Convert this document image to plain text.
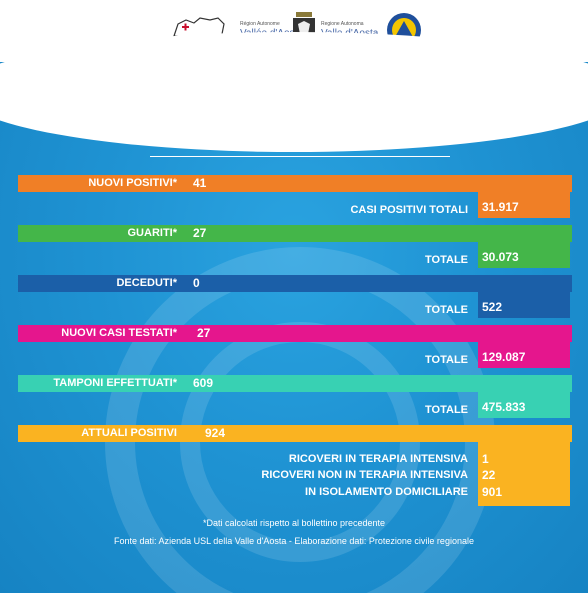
Région Autonome	Regione Autonoma
BOLLETTINO DI AGGIORNAMENTO N.637
COVID-19 - Situazione in Valle d'Aosta
Sabato 12 marzo 2022
NUOVI POSITIVI* 41
CASI POSITIVI TOTALI 31.917
GUARITI* 27
TOTALE 30.073
DECEDUTI* 0
TOTALE 522
NUOVI CASI TESTATI* 27
TOTALE 129.087
TAMPONI EFFETTUATI* 609
TOTALE 475.833
ATTUALI POSITIVI 924
RICOVERI IN TERAPIA INTENSIVA 1
RICOVERI NON IN TERAPIA INTENSIVA 22
IN ISOLAMENTO DOMICILIARE 901
*Dati calcolati rispetto al bollettino precedente
Fonte dati: Azienda USL della Valle d'Aosta - Elaborazione dati: Protezione civile regionale
